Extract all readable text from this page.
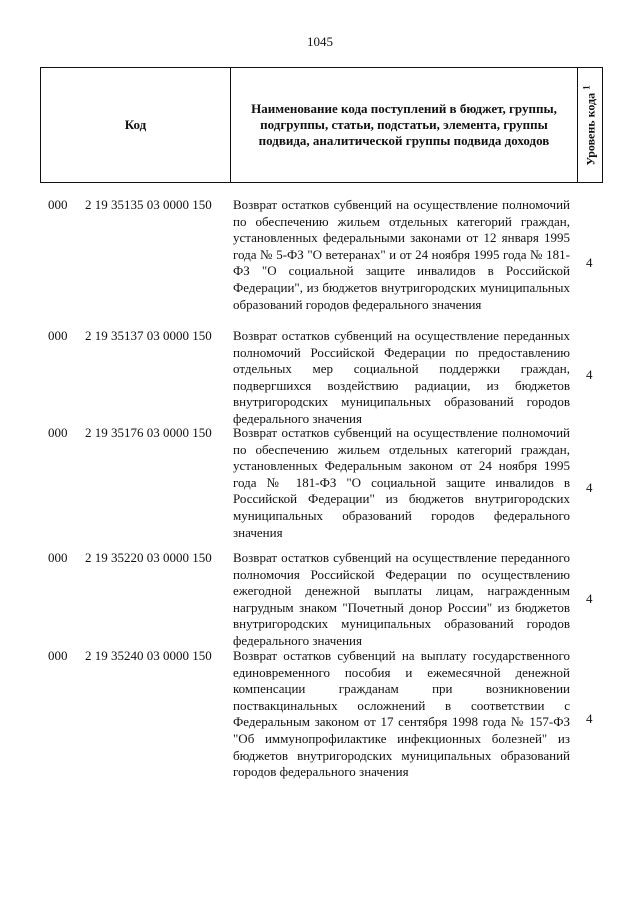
1045
Код
Наименование кода поступлений в бюджет, группы, подгруппы, статьи, подстатьи, элемента, группы подвида, аналитической группы подвида доходов	Уровень кода $^1$
000 2 19 35135 03 0000 150 Возврат остатков субвенций на осуществление полномочий по обеспечению жильем отдельных категорий граждан, установленных федеральными законами от 12 января 1995 года № 5-ФЗ "О ветеранах" и от 24 ноября 1995 года № 181-ФЗ "О социальной защите инвалидов в Российской Федерации", из бюджетов внутригородских муниципальных образований городов федерального значения
4
000 2 19 35137 03 0000 150 Возврат остатков субвенций на осуществление переданных полномочий Российской Федерации по предоставлению отдельных мер социальной поддержки граждан, подвергшихся воздействию радиации, из бюджетов внутригородских муниципальных образований городов федерального значения
4
000 2 19 35176 03 0000 150 Возврат остатков субвенций на осуществление полномочий по обеспечению жильем отдельных категорий граждан, установленных Федеральным законом от 24 ноября 1995 года № 181-ФЗ "О социальной защите инвалидов в Российской Федерации" из бюджетов внутригородских муниципальных образований городов федерального значения
4
000 2 19 35220 03 0000 150 Возврат остатков субвенций на осуществление переданного полномочия Российской Федерации по осуществлению ежегодной денежной выплаты лицам, награжденным нагрудным знаком "Почетный донор России" из бюджетов внутригородских муниципальных образований городов федерального значения
4
000 2 19 35240 03 0000 150 Возврат остатков субвенций на выплату государственного единовременного пособия и ежемесячной денежной компенсации гражданам при возникновении поствакцинальных осложнений в соответствии с Федеральным законом от 17 сентября 1998 года № 157-ФЗ "Об иммунопрофилактике инфекционных болезней" из бюджетов внутригородских муниципальных образований городов федерального значения
4
